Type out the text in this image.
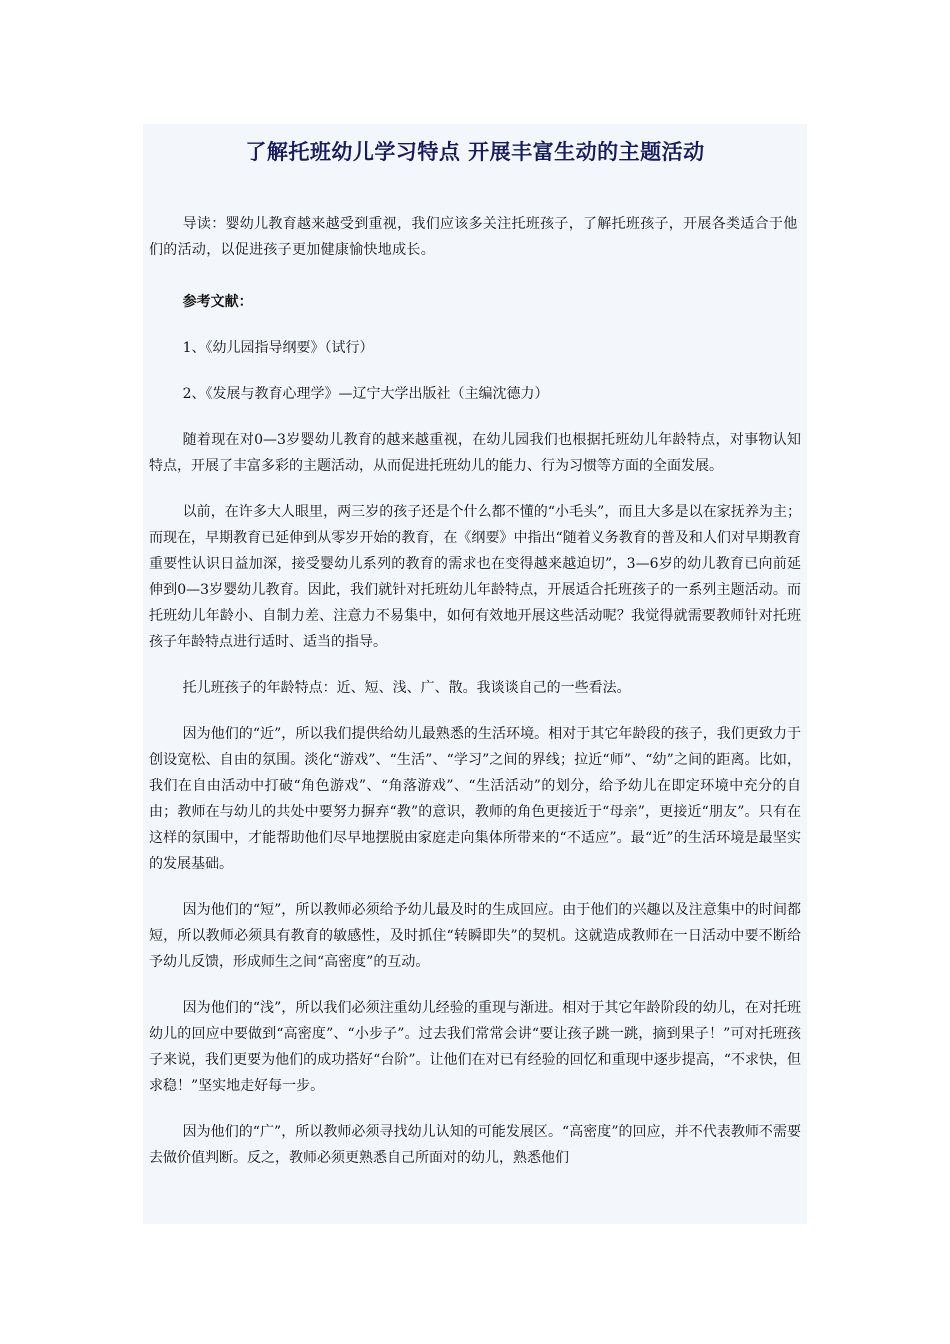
了解托班幼儿学习特点 开展丰富生动的主题活动

导读：婴幼儿教育越来越受到重视，我们应该多关注托班孩子，了解托班孩子，开展各类适合于他们的活动，以促进孩子更加健康愉快地成长。

参考文献：

1、《幼儿园指导纲要》（试行）

2、《发展与教育心理学》—辽宁大学出版社（主编沈德力）

随着现在对0—3岁婴幼儿教育的越来越重视，在幼儿园我们也根据托班幼儿年龄特点，对事物认知特点，开展了丰富多彩的主题活动，从而促进托班幼儿的能力、行为习惯等方面的全面发展。

以前，在许多大人眼里，两三岁的孩子还是个什么都不懂的“小毛头”，而且大多是以在家抚养为主；而现在，早期教育已延伸到从零岁开始的教育，在《纲要》中指出“随着义务教育的普及和人们对早期教育重要性认识日益加深，接受婴幼儿系列的教育的需求也在变得越来越迫切”，3—6岁的幼儿教育已向前延伸到0—3岁婴幼儿教育。因此，我们就针对托班幼儿年龄特点，开展适合托班孩子的一系列主题活动。而托班幼儿年龄小、自制力差、注意力不易集中，如何有效地开展这些活动呢？我觉得就需要教师针对托班孩子年龄特点进行适时、适当的指导。

托儿班孩子的年龄特点：近、短、浅、广、散。我谈谈自己的一些看法。

因为他们的“近”，所以我们提供给幼儿最熟悉的生活环境。相对于其它年龄段的孩子，我们更致力于创设宽松、自由的氛围。淡化“游戏”、“生活”、“学习”之间的界线；拉近“师”、“幼”之间的距离。比如，我们在自由活动中打破“角色游戏”、“角落游戏”、“生活活动”的划分，给予幼儿在即定环境中充分的自由；教师在与幼儿的共处中要努力摒弃“教”的意识，教师的角色更接近于“母亲”，更接近“朋友”。只有在这样的氛围中，才能帮助他们尽早地摆脱由家庭走向集体所带来的“不适应”。最“近”的生活环境是最坚实的发展基础。

因为他们的“短”，所以教师必须给予幼儿最及时的生成回应。由于他们的兴趣以及注意集中的时间都短，所以教师必须具有教育的敏感性，及时抓住“转瞬即失”的契机。这就造成教师在一日活动中要不断给予幼儿反馈，形成师生之间“高密度”的互动。

因为他们的“浅”，所以我们必须注重幼儿经验的重现与渐进。相对于其它年龄阶段的幼儿，在对托班幼儿的回应中要做到“高密度”、“小步子”。过去我们常常会讲“要让孩子跳一跳，摘到果子！”可对托班孩子来说，我们更要为他们的成功搭好“台阶”。让他们在对已有经验的回忆和重现中逐步提高，“不求快，但求稳！”坚实地走好每一步。

因为他们的“广”，所以教师必须寻找幼儿认知的可能发展区。“高密度”的回应，并不代表教师不需要去做价值判断。反之，教师必须更熟悉自己所面对的幼儿，熟悉他们
